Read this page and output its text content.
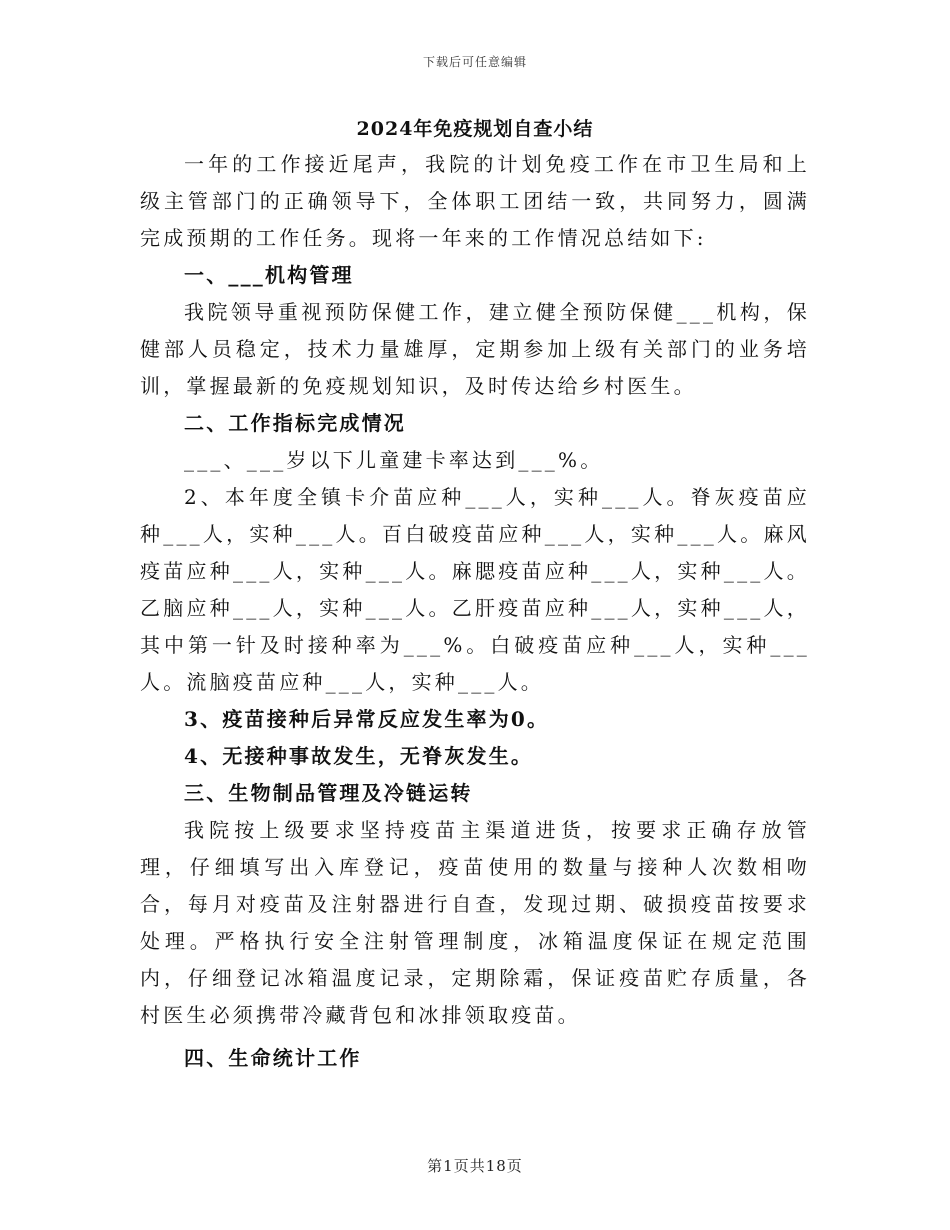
下载后可任意编辑
2024年免疫规划自查小结

一年的工作接近尾声，我院的计划免疫工作在市卫生局和上级主管部门的正确领导下，全体职工团结一致，共同努力，圆满完成预期的工作任务。现将一年来的工作情况总结如下:

一、___机构管理

我院领导重视预防保健工作，建立健全预防保健___机构，保健部人员稳定，技术力量雄厚，定期参加上级有关部门的业务培训，掌握最新的免疫规划知识，及时传达给乡村医生。

二、工作指标完成情况

___、___岁以下儿童建卡率达到___%。

2、本年度全镇卡介苗应种___人，实种___人。脊灰疫苗应种___人，实种___人。百白破疫苗应种___人，实种___人。麻风疫苗应种___人，实种___人。麻腮疫苗应种___人，实种___人。乙脑应种___人，实种___人。乙肝疫苗应种___人，实种___人，其中第一针及时接种率为___%。白破疫苗应种___人，实种___人。流脑疫苗应种___人，实种___人。

3、疫苗接种后异常反应发生率为0。

4、无接种事故发生，无脊灰发生。

三、生物制品管理及冷链运转

我院按上级要求坚持疫苗主渠道进货，按要求正确存放管理，仔细填写出入库登记，疫苗使用的数量与接种人次数相吻合，每月对疫苗及注射器进行自查，发现过期、破损疫苗按要求处理。严格执行安全注射管理制度，冰箱温度保证在规定范围内，仔细登记冰箱温度记录，定期除霜，保证疫苗贮存质量，各村医生必须携带冷藏背包和冰排领取疫苗。

四、生命统计工作

第1页共18页
